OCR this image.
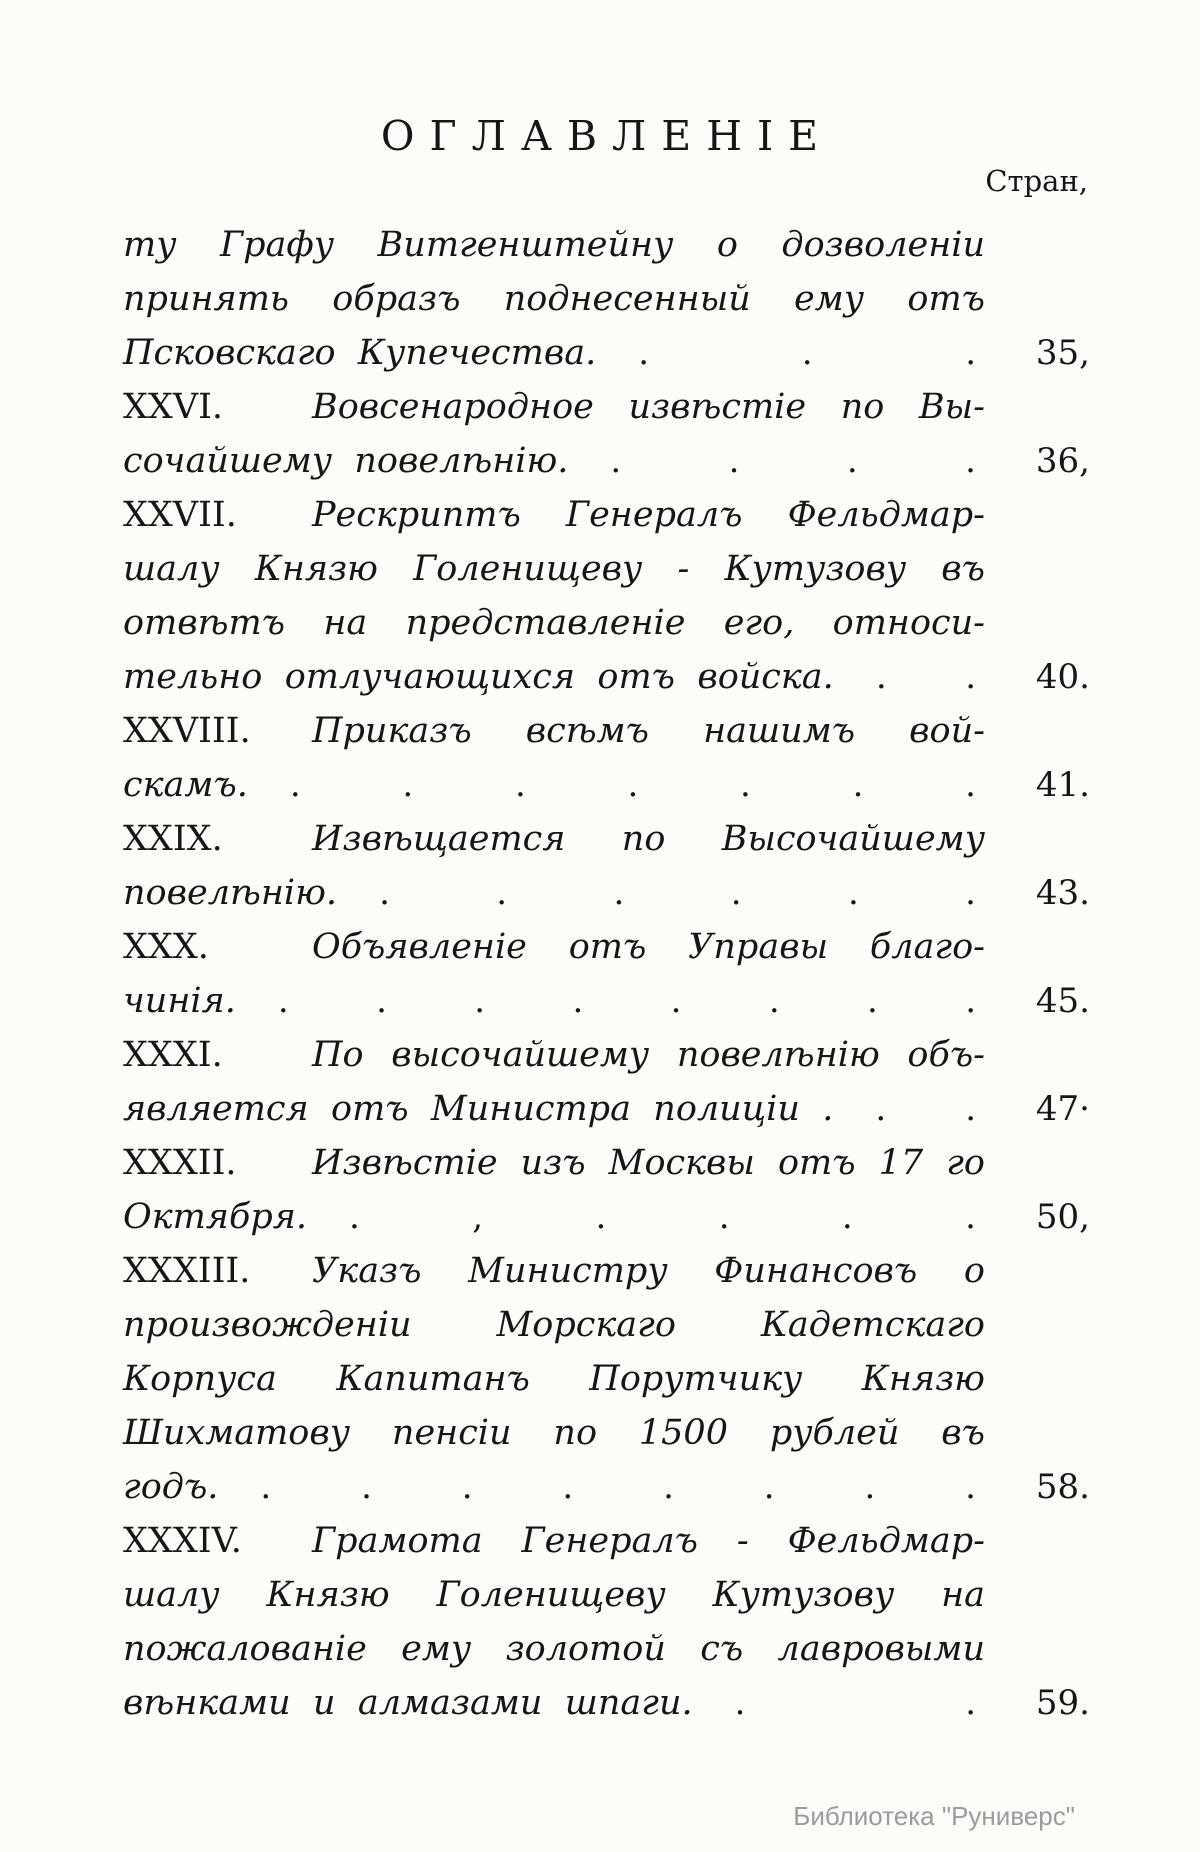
ОГЛАВЛЕНІЕ
Стран,
ту Графу Витгенштейну о дозволеніи
принять образъ поднесенный ему отъ
Псковскаго Купечества. .	.	.	35,
XXVI.	Вовсенародное извѣстіе по Вы-
сочайшему повелѣнію. .	.	.	.	36,
XXVII. Рескриптъ Генералъ Фельдмар-
шалу Князю Голенищеву - Кутузову въ
отвѣтъ на представленіе его, относи-
тельно отлучающихся отъ войска. . .	40.
XXVIII. Приказъ всѣмъ нашимъ вой-
скамъ. .	.	.	.	.	.	.	41.
XXIX.	Извѣщается по Высочайшему
повелѣнію. .	.	.	.	.	.	43.
XXX.	Объявленіе отъ Управы благо-
чинія. .	.	.	.	.	.	.	.	45.
XXXI.	По высочайшему повелѣнію объ-
является отъ Министра полиціи . . .	47·
XXXII. Извѣстіе изъ Москвы отъ 17 го
Октября. .	,	.	.	.	.	50,
XXXIII. Указъ Министру Финансовъ о
произвожденіи Морскаго Кадетскаго
Корпуса Капитанъ Порутчику Князю
Шихматову пенсіи по 1500 рублей въ
годъ. .	.	.	.	.	.	.	.	58.
XXXIV. Грамота Генералъ - Фельдмар-
шалу Князю Голенищеву Кутузову на
пожалованіе ему золотой съ лавровыми
вѣнками и алмазами шпаги. .	.	59.
Библиотека "Руниверс"
